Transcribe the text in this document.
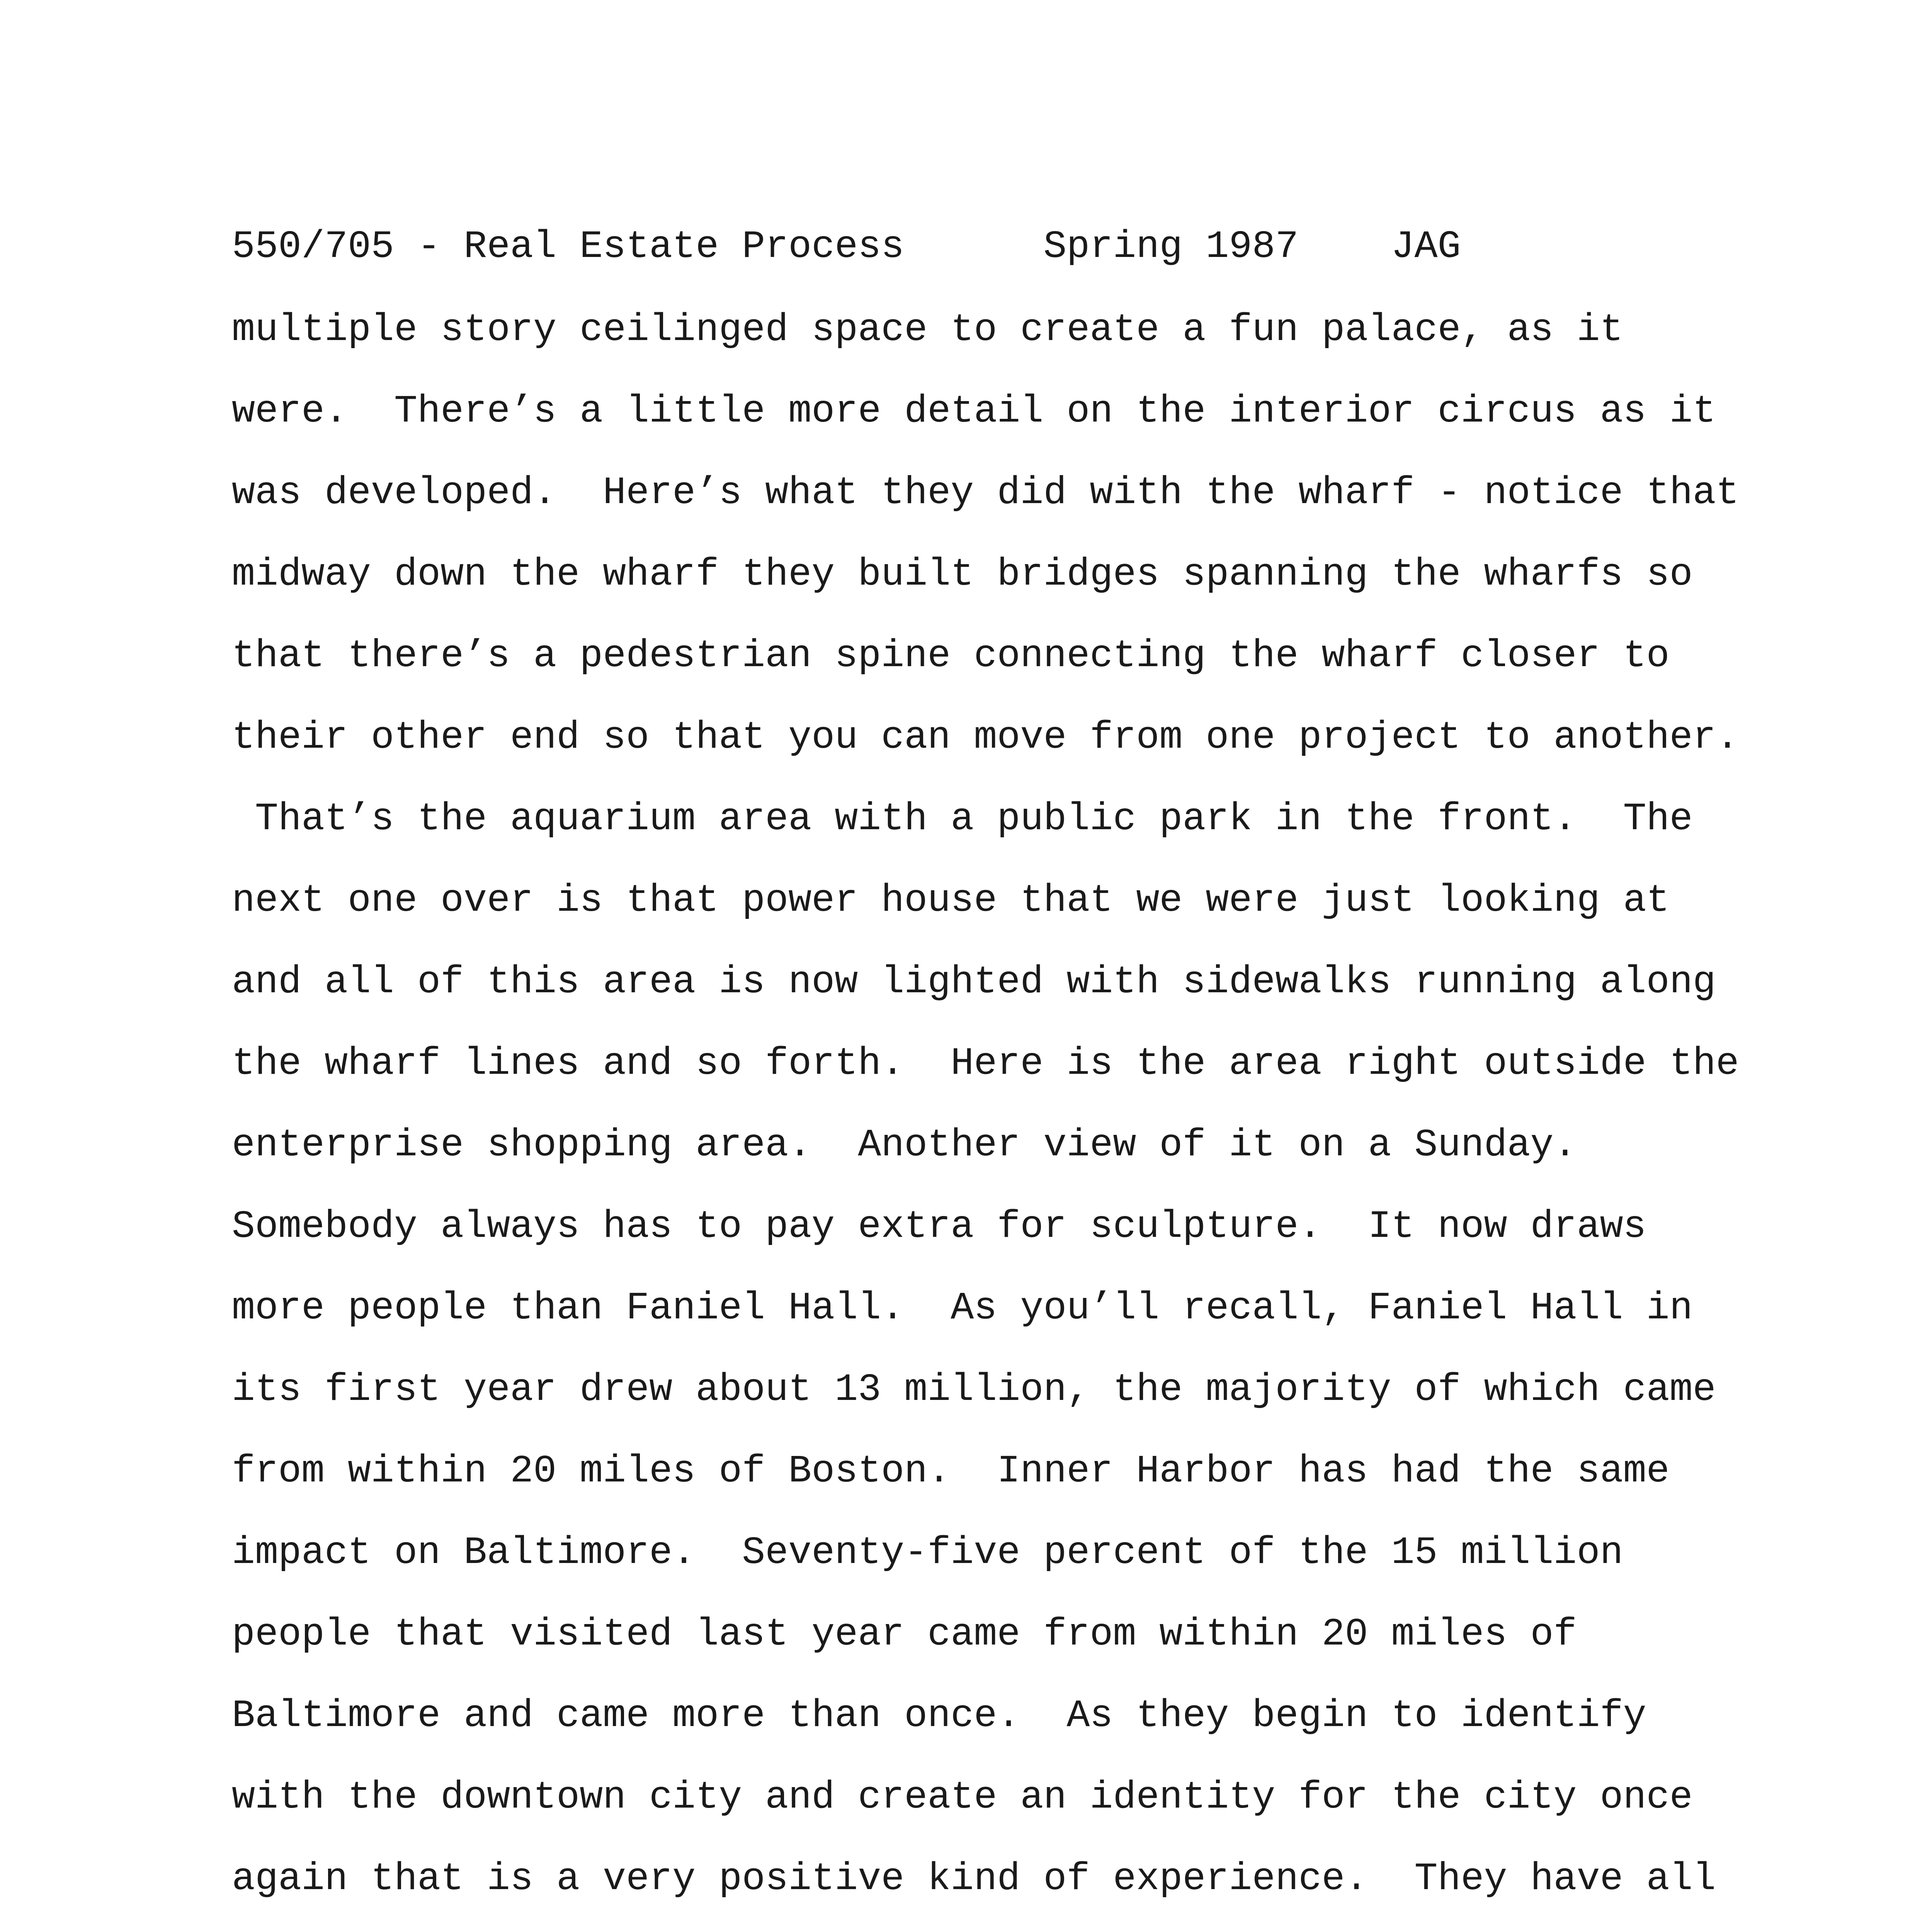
550/705 - Real Estate Process      Spring 1987    JAG
multiple story ceilinged space to create a fun palace, as it
were.  There’s a little more detail on the interior circus as it
was developed.  Here’s what they did with the wharf - notice that
midway down the wharf they built bridges spanning the wharfs so
that there’s a pedestrian spine connecting the wharf closer to
their other end so that you can move from one project to another.
That’s the aquarium area with a public park in the front.  The
next one over is that power house that we were just looking at
and all of this area is now lighted with sidewalks running along
the wharf lines and so forth.  Here is the area right outside the
enterprise shopping area.  Another view of it on a Sunday.
Somebody always has to pay extra for sculpture.  It now draws
more people than Faniel Hall.  As you’ll recall, Faniel Hall in
its first year drew about 13 million, the majority of which came
from within 20 miles of Boston.  Inner Harbor has had the same
impact on Baltimore.  Seventy-five percent of the 15 million
people that visited last year came from within 20 miles of
Baltimore and came more than once.  As they begin to identify
with the downtown city and create an identity for the city once
again that is a very positive kind of experience.  They have all
